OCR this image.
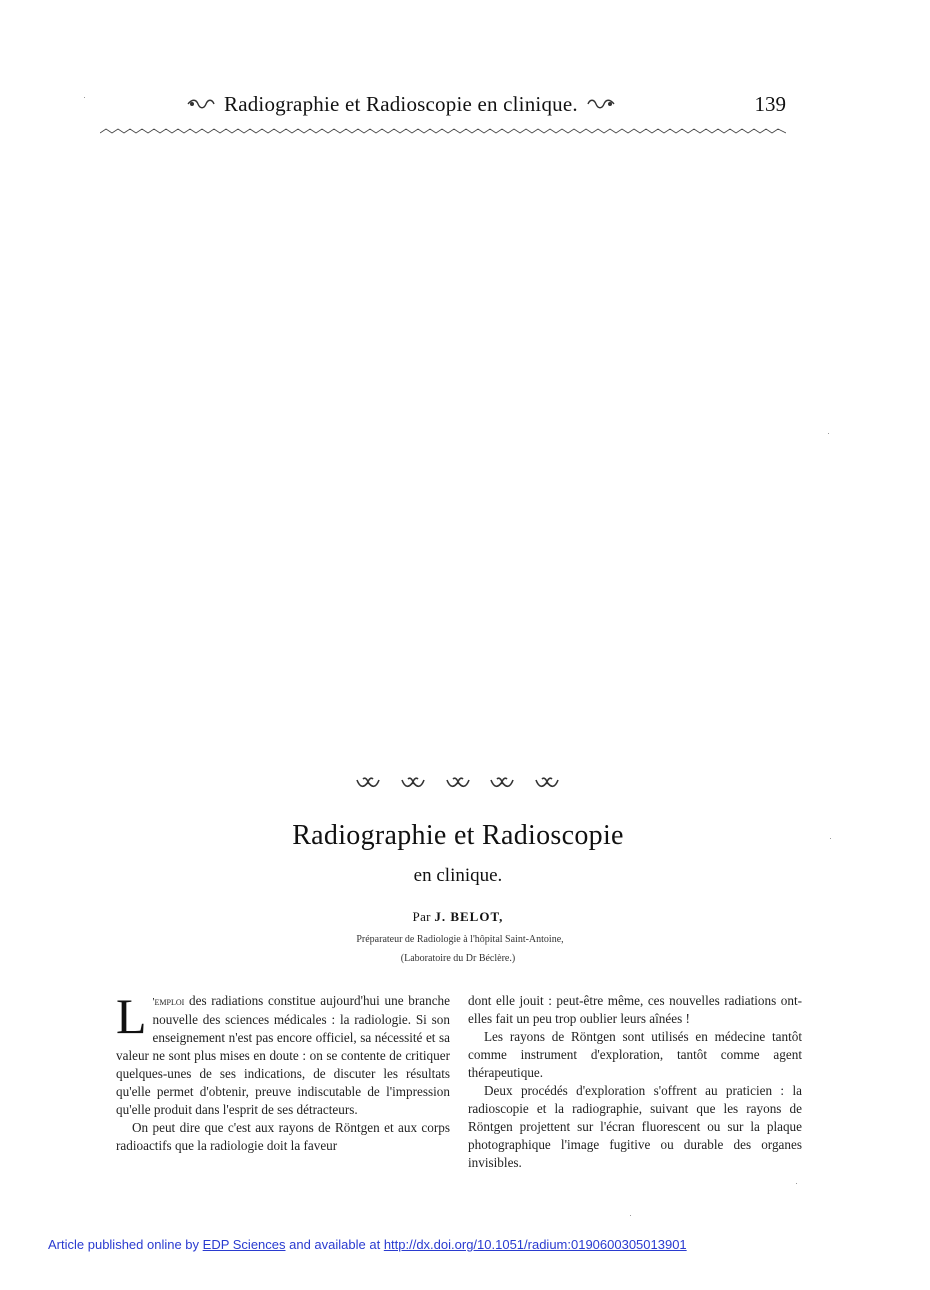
Radiographie et Radioscopie en clinique.	139
Radiographie et Radioscopie
en clinique.
Par J. BELOT,
Préparateur de Radiologie à l'hôpital Saint-Antoine,
(Laboratoire du Dr Béclère.)

L 'emploi des radiations constitue aujourd'hui une branche nouvelle des sciences médicales : la radiologie. Si son enseignement n'est pas encore officiel, sa nécessité et sa valeur ne sont plus mises en doute : on se contente de critiquer quelques-unes de ses indications, de discuter les résultats qu'elle permet d'obtenir, preuve indiscutable de l'impression qu'elle produit dans l'esprit de ses détracteurs.

On peut dire que c'est aux rayons de Röntgen et aux corps radioactifs que la radiologie doit la faveur

dont elle jouit : peut-être même, ces nouvelles radiations ont-elles fait un peu trop oublier leurs aînées !

Les rayons de Röntgen sont utilisés en médecine tantôt comme instrument d'exploration, tantôt comme agent thérapeutique.

Deux procédés d'exploration s'offrent au praticien : la radioscopie et la radiographie, suivant que les rayons de Röntgen projettent sur l'écran fluorescent ou sur la plaque photographique l'image fugitive ou durable des organes invisibles.

Article published online by EDP Sciences and available at http://dx.doi.org/10.1051/radium:0190600305013901
